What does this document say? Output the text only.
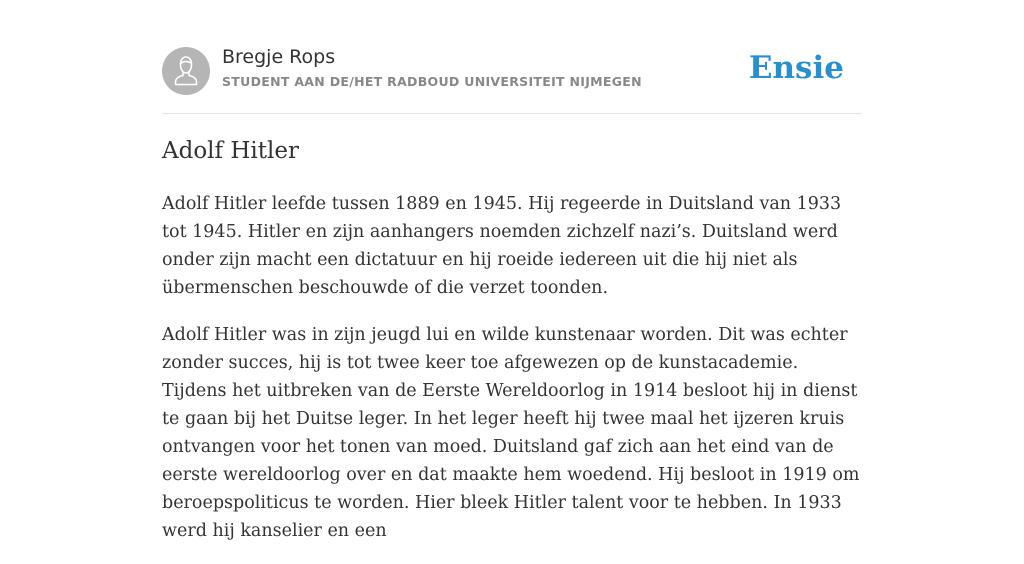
Bregje Rops
STUDENT AAN DE/HET RADBOUD UNIVERSITEIT NIJMEGEN	Ensie
Adolf Hitler

Adolf Hitler leefde tussen 1889 en 1945. Hij regeerde in Duitsland van 1933 tot 1945. Hitler en zijn aanhangers noemden zichzelf nazi’s. Duitsland werd onder zijn macht een dictatuur en hij roeide iedereen uit die hij niet als übermenschen beschouwde of die verzet toonden.

Adolf Hitler was in zijn jeugd lui en wilde kunstenaar worden. Dit was echter zonder succes, hij is tot twee keer toe afgewezen op de kunstacademie. Tijdens het uitbreken van de Eerste Wereldoorlog in 1914 besloot hij in dienst te gaan bij het Duitse leger. In het leger heeft hij twee maal het ijzeren kruis ontvangen voor het tonen van moed. Duitsland gaf zich aan het eind van de eerste wereldoorlog over en dat maakte hem woedend. Hij besloot in 1919 om beroepspoliticus te worden. Hier bleek Hitler talent voor te hebben. In 1933 werd hij kanselier en een
